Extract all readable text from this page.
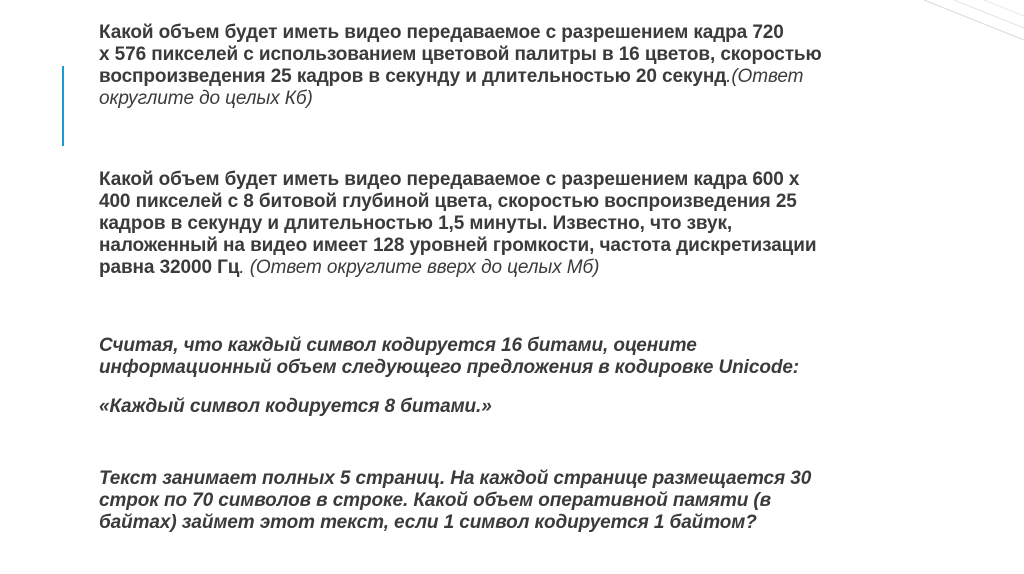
Какой объем будет иметь видео передаваемое с разрешением кадра 720
х 576 пикселей с использованием цветовой палитры в 16 цветов, скоростью
воспроизведения 25 кадров в секунду и длительностью 20 секунд.(Ответ
округлите до целых Кб)

Какой объем будет иметь видео передаваемое с разрешением кадра 600 х
400 пикселей с 8 битовой глубиной цвета, скоростью воспроизведения 25
кадров в секунду и длительностью 1,5 минуты. Известно, что звук,
наложенный на видео имеет 128 уровней громкости, частота дискретизации
равна 32000 Гц. (Ответ округлите вверх до целых Мб)

Считая, что каждый символ кодируется 16 битами, оцените
информационный объем следующего предложения в кодировке Unicode:

«Каждый символ кодируется 8 битами.»

Текст занимает полных 5 страниц. На каждой странице размещается 30
строк по 70 символов в строке. Какой объем оперативной памяти (в
байтах) займет этот текст, если 1 символ кодируется 1 байтом?
